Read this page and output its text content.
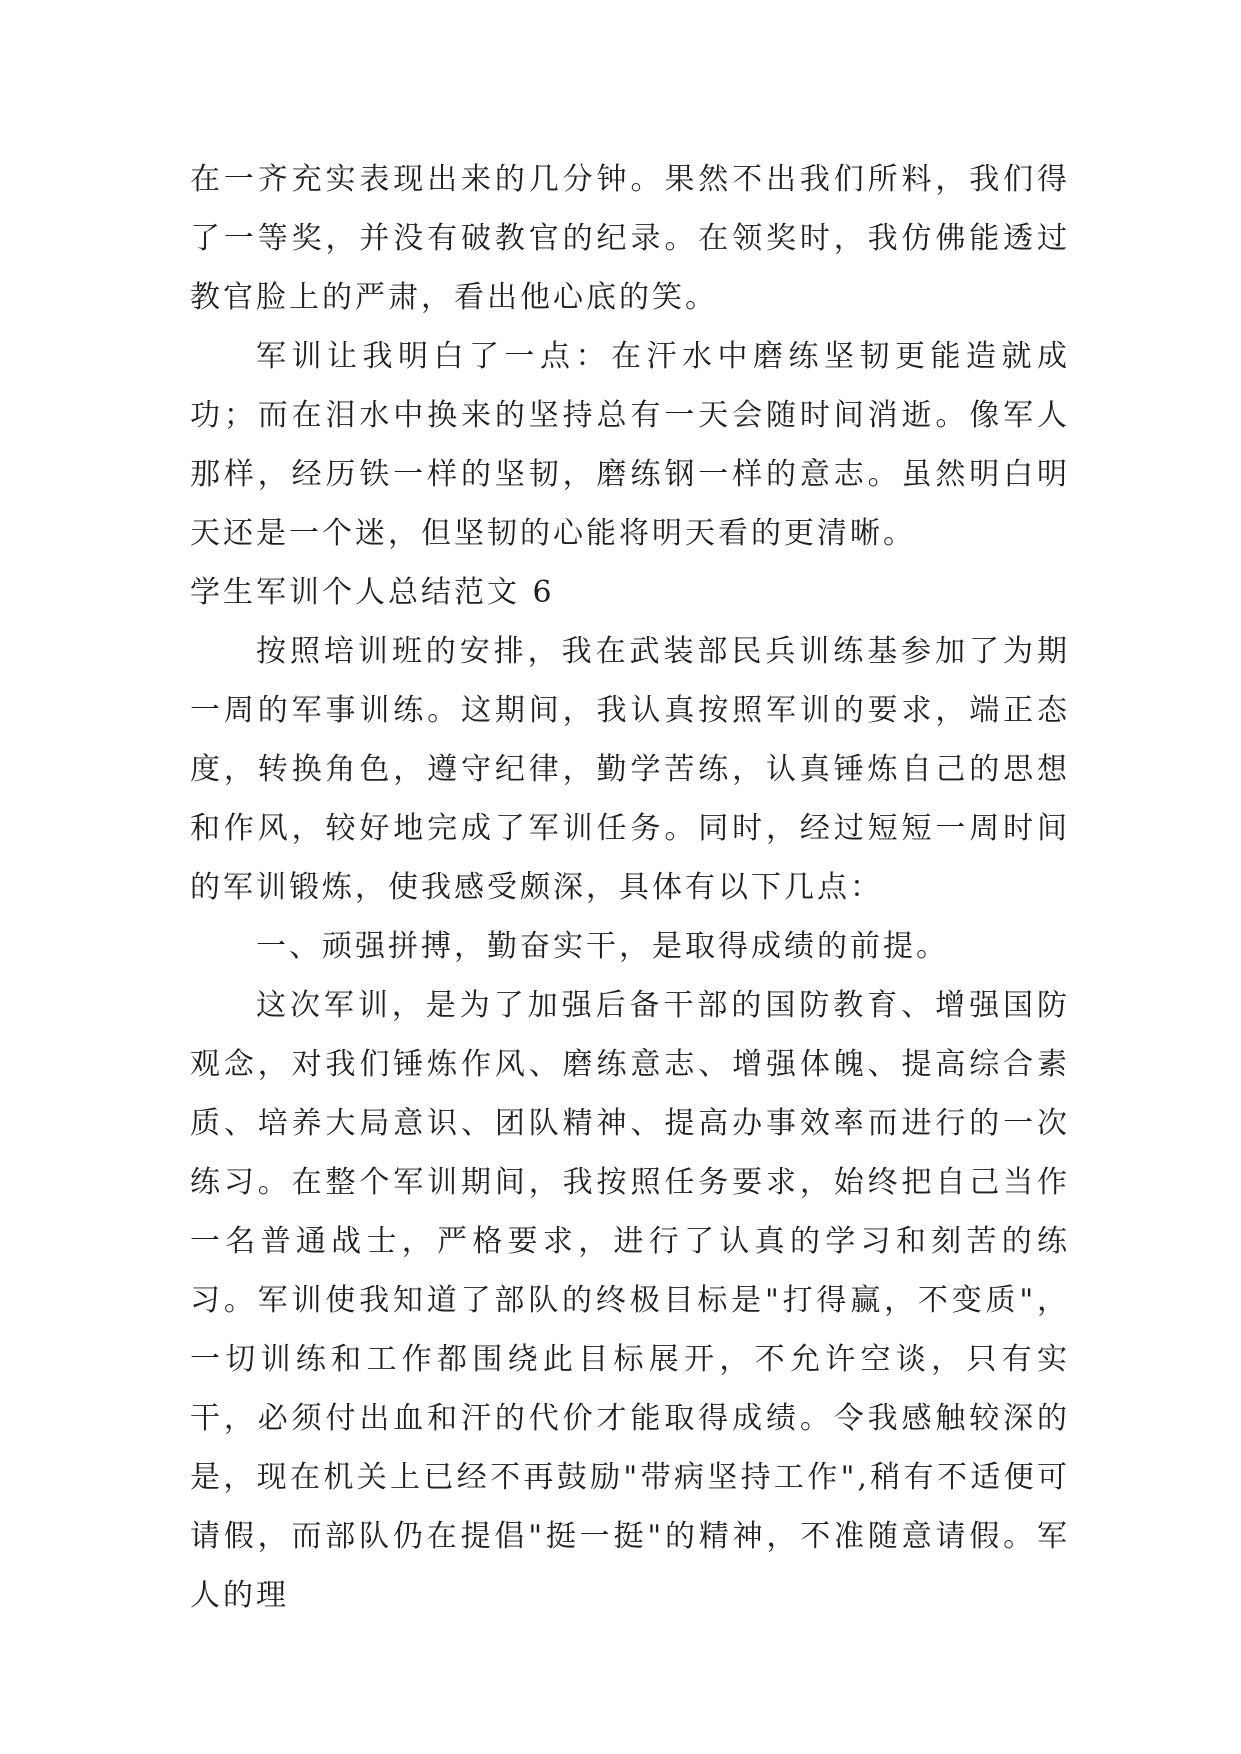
在一齐充实表现出来的几分钟。果然不出我们所料，我们得了一等奖，并没有破教官的纪录。在领奖时，我仿佛能透过教官脸上的严肃，看出他心底的笑。

军训让我明白了一点：在汗水中磨练坚韧更能造就成功；而在泪水中换来的坚持总有一天会随时间消逝。像军人那样，经历铁一样的坚韧，磨练钢一样的意志。虽然明白明天还是一个迷，但坚韧的心能将明天看的更清晰。

学生军训个人总结范文 6

按照培训班的安排，我在武装部民兵训练基参加了为期一周的军事训练。这期间，我认真按照军训的要求，端正态度，转换角色，遵守纪律，勤学苦练，认真锤炼自己的思想和作风，较好地完成了军训任务。同时，经过短短一周时间的军训锻炼，使我感受颇深，具体有以下几点：

一、顽强拼搏，勤奋实干，是取得成绩的前提。

这次军训，是为了加强后备干部的国防教育、增强国防观念，对我们锤炼作风、磨练意志、增强体魄、提高综合素质、培养大局意识、团队精神、提高办事效率而进行的一次练习。在整个军训期间，我按照任务要求，始终把自己当作一名普通战士，严格要求，进行了认真的学习和刻苦的练习。军训使我知道了部队的终极目标是"打得赢，不变质"，一切训练和工作都围绕此目标展开，不允许空谈，只有实干，必须付出血和汗的代价才能取得成绩。令我感触较深的是，现在机关上已经不再鼓励"带病坚持工作",稍有不适便可请假，而部队仍在提倡"挺一挺"的精神，不准随意请假。军人的理
